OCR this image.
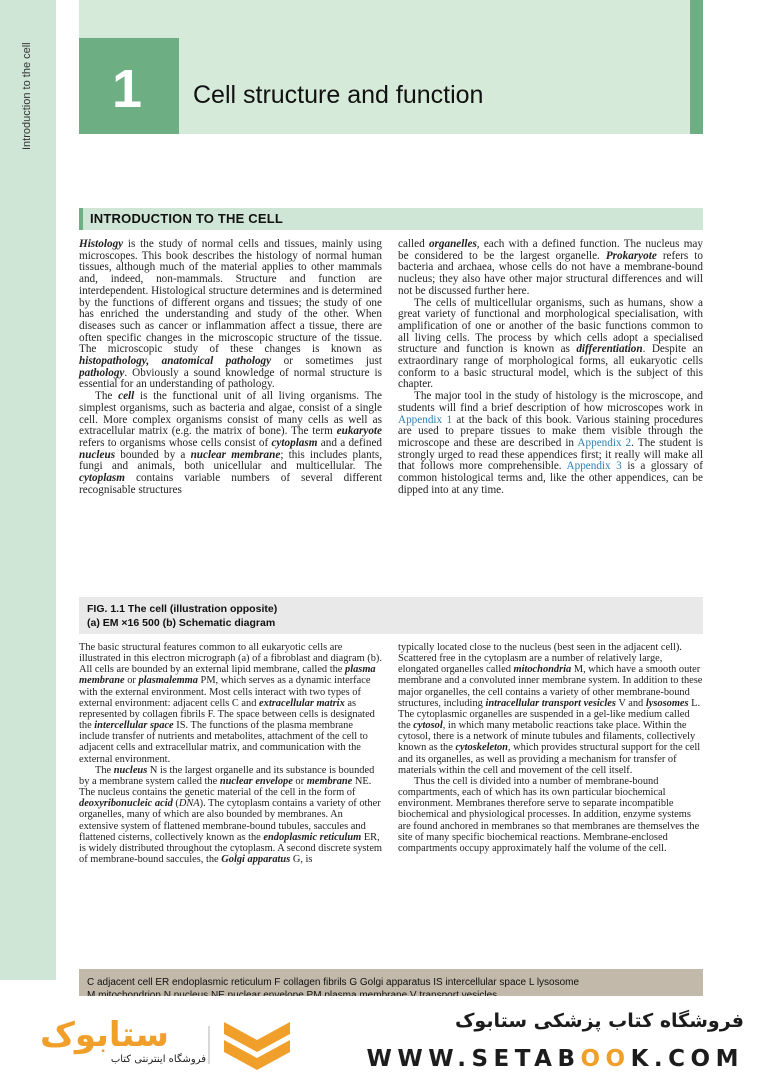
Introduction to the cell 1 Cell structure and function
INTRODUCTION TO THE CELL

Histology is the study of normal cells and tissues, mainly using microscopes. This book describes the histology of normal human tissues, although much of the material applies to other mammals and, indeed, non-mammals. Structure and function are interdependent. Histological structure determines and is determined by the functions of different organs and tissues; the study of one has enriched the understanding and study of the other. When diseases such as cancer or inflammation affect a tissue, there are often specific changes in the microscopic structure of the tissue. The microscopic study of these changes is known as histopathology, anatomical pathology or sometimes just pathology. Obviously a sound knowledge of normal structure is essential for an understanding of pathology.

The cell is the functional unit of all living organisms. The simplest organisms, such as bacteria and algae, consist of a single cell. More complex organisms consist of many cells as well as extracellular matrix (e.g. the matrix of bone). The term eukaryote refers to organisms whose cells consist of cytoplasm and a defined nucleus bounded by a nuclear membrane; this includes plants, fungi and animals, both unicellular and multicellular. The cytoplasm contains variable numbers of several different recognisable structures

called organelles, each with a defined function. The nucleus may be considered to be the largest organelle. Prokaryote refers to bacteria and archaea, whose cells do not have a membrane-bound nucleus; they also have other major structural differences and will not be discussed further here.

The cells of multicellular organisms, such as humans, show a great variety of functional and morphological specialisation, with amplification of one or another of the basic functions common to all living cells. The process by which cells adopt a specialised structure and function is known as differentiation. Despite an extraordinary range of morphological forms, all eukaryotic cells conform to a basic structural model, which is the subject of this chapter.

The major tool in the study of histology is the microscope, and students will find a brief description of how microscopes work in Appendix 1 at the back of this book. Various staining procedures are used to prepare tissues to make them visible through the microscope and these are described in Appendix 2. The student is strongly urged to read these appendices first; it really will make all that follows more comprehensible. Appendix 3 is a glossary of common histological terms and, like the other appendices, can be dipped into at any time.

FIG. 1.1 The cell (illustration opposite)
(a) EM ×16 500 (b) Schematic diagram

The basic structural features common to all eukaryotic cells are illustrated in this electron micrograph (a) of a fibroblast and diagram (b). All cells are bounded by an external lipid membrane, called the plasma membrane or plasmalemma PM, which serves as a dynamic interface with the external environment. Most cells interact with two types of external environment: adjacent cells C and extracellular matrix as represented by collagen fibrils F. The space between cells is designated the intercellular space IS. The functions of the plasma membrane include transfer of nutrients and metabolites, attachment of the cell to adjacent cells and extracellular matrix, and communication with the external environment.

The nucleus N is the largest organelle and its substance is bounded by a membrane system called the nuclear envelope or membrane NE. The nucleus contains the genetic material of the cell in the form of deoxyribonucleic acid (DNA). The cytoplasm contains a variety of other organelles, many of which are also bounded by membranes. An extensive system of flattened membrane-bound tubules, saccules and flattened cisterns, collectively known as the endoplasmic reticulum ER, is widely distributed throughout the cytoplasm. A second discrete system of membrane-bound saccules, the Golgi apparatus G, is

typically located close to the nucleus (best seen in the adjacent cell). Scattered free in the cytoplasm are a number of relatively large, elongated organelles called mitochondria M, which have a smooth outer membrane and a convoluted inner membrane system. In addition to these major organelles, the cell contains a variety of other membrane-bound structures, including intracellular transport vesicles V and lysosomes L. The cytoplasmic organelles are suspended in a gel-like medium called the cytosol, in which many metabolic reactions take place. Within the cytosol, there is a network of minute tubules and filaments, collectively known as the cytoskeleton, which provides structural support for the cell and its organelles, as well as providing a mechanism for transfer of materials within the cell and movement of the cell itself.

Thus the cell is divided into a number of membrane-bound compartments, each of which has its own particular biochemical environment. Membranes therefore serve to separate incompatible biochemical and physiological processes. In addition, enzyme systems are found anchored in membranes so that membranes are themselves the site of many specific biochemical reactions. Membrane-enclosed compartments occupy approximately half the volume of the cell.

C adjacent cell ER endoplasmic reticulum F collagen fibrils G Golgi apparatus IS intercellular space L lysosome
ستابوک
فروشگاه اینترنتی کتاب
فروشگاه کتاب پزشکی ستابوک
WWW.SETABOOK.COM
